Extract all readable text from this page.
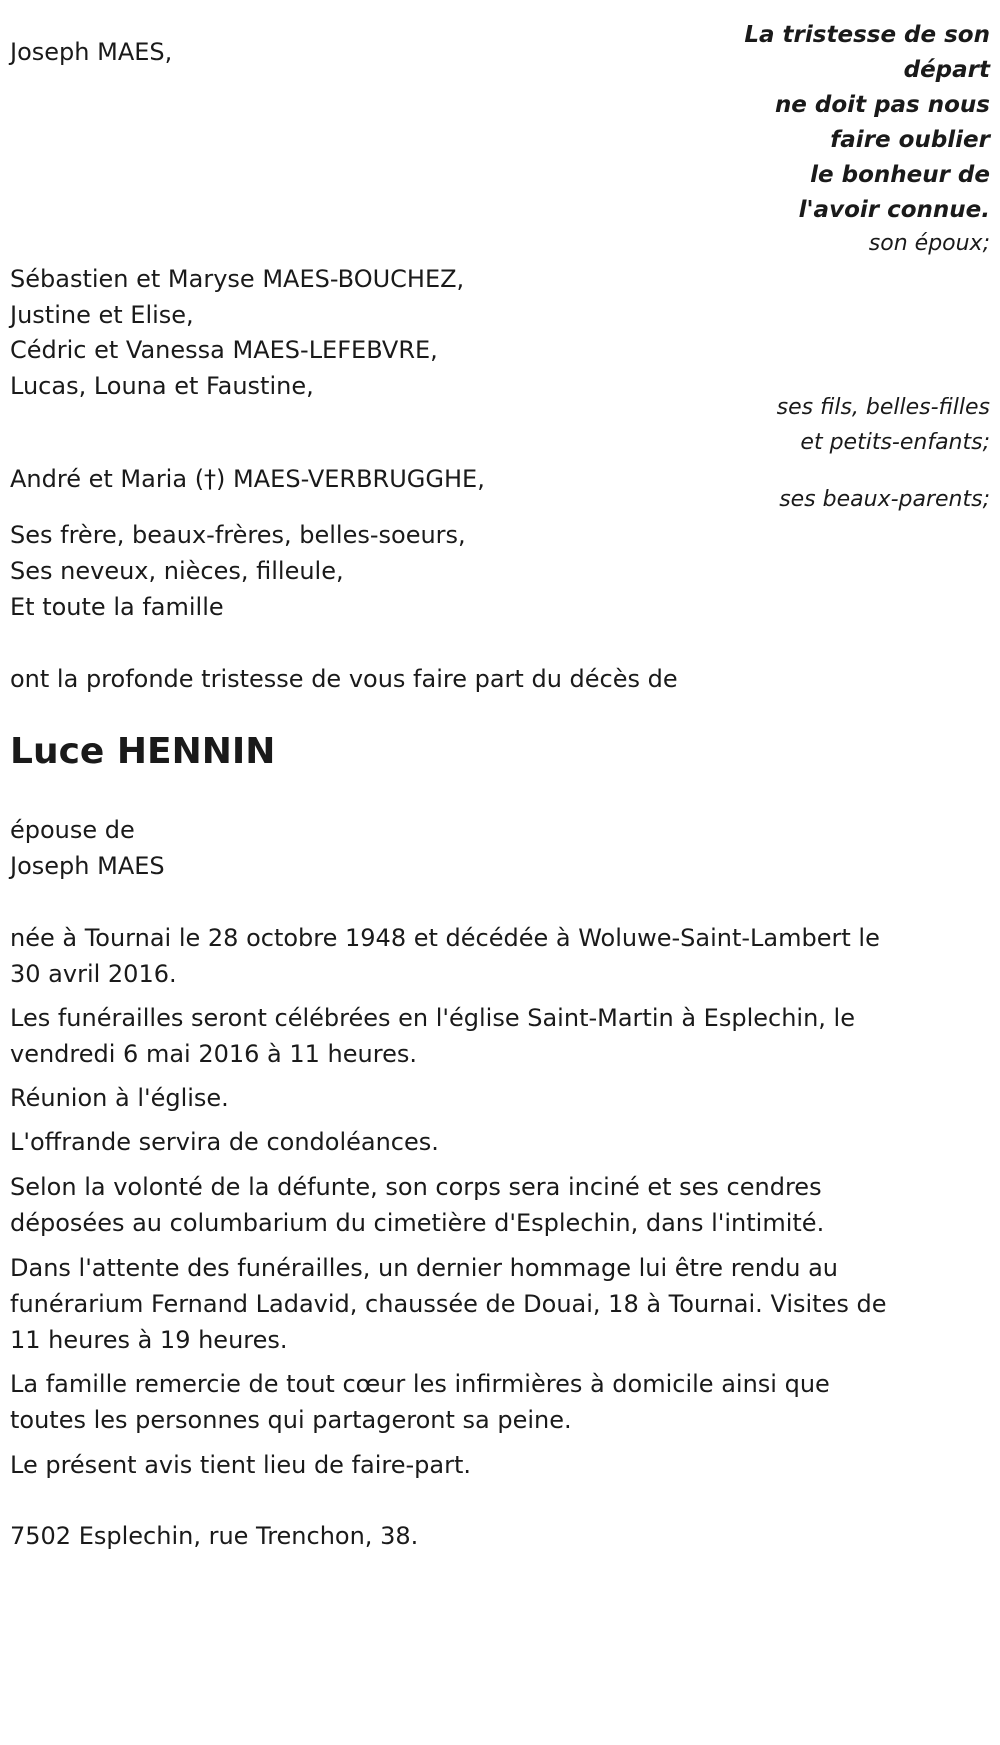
Joseph MAES,

La tristesse de son
départ
ne doit pas nous
faire oublier
le bonheur de
l'avoir connue.

son époux;

Sébastien et Maryse MAES-BOUCHEZ,

Justine et Elise,

Cédric et Vanessa MAES-LEFEBVRE,

Lucas, Louna et Faustine,

ses fils, belles-filles
et petits-enfants;

André et Maria (†) MAES-VERBRUGGHE,

ses beaux-parents;

Ses frère, beaux-frères, belles-soeurs,

Ses neveux, nièces, filleule,

Et toute la famille

ont la profonde tristesse de vous faire part du décès de

Luce HENNIN

épouse de

Joseph MAES

née à Tournai le 28 octobre 1948 et décédée à Woluwe-Saint-Lambert le 30 avril 2016.

Les funérailles seront célébrées en l'église Saint-Martin à Esplechin, le vendredi 6 mai 2016 à 11 heures.

Réunion à l'église.

L'offrande servira de condoléances.

Selon la volonté de la défunte, son corps sera inciné et ses cendres déposées au columbarium du cimetière d'Esplechin, dans l'intimité.

Dans l'attente des funérailles, un dernier hommage lui être rendu au funérarium Fernand Ladavid, chaussée de Douai, 18 à Tournai. Visites de 11 heures à 19 heures.

La famille remercie de tout cœur les infirmières à domicile ainsi que toutes les personnes qui partageront sa peine.

Le présent avis tient lieu de faire-part.

7502 Esplechin, rue Trenchon, 38.
